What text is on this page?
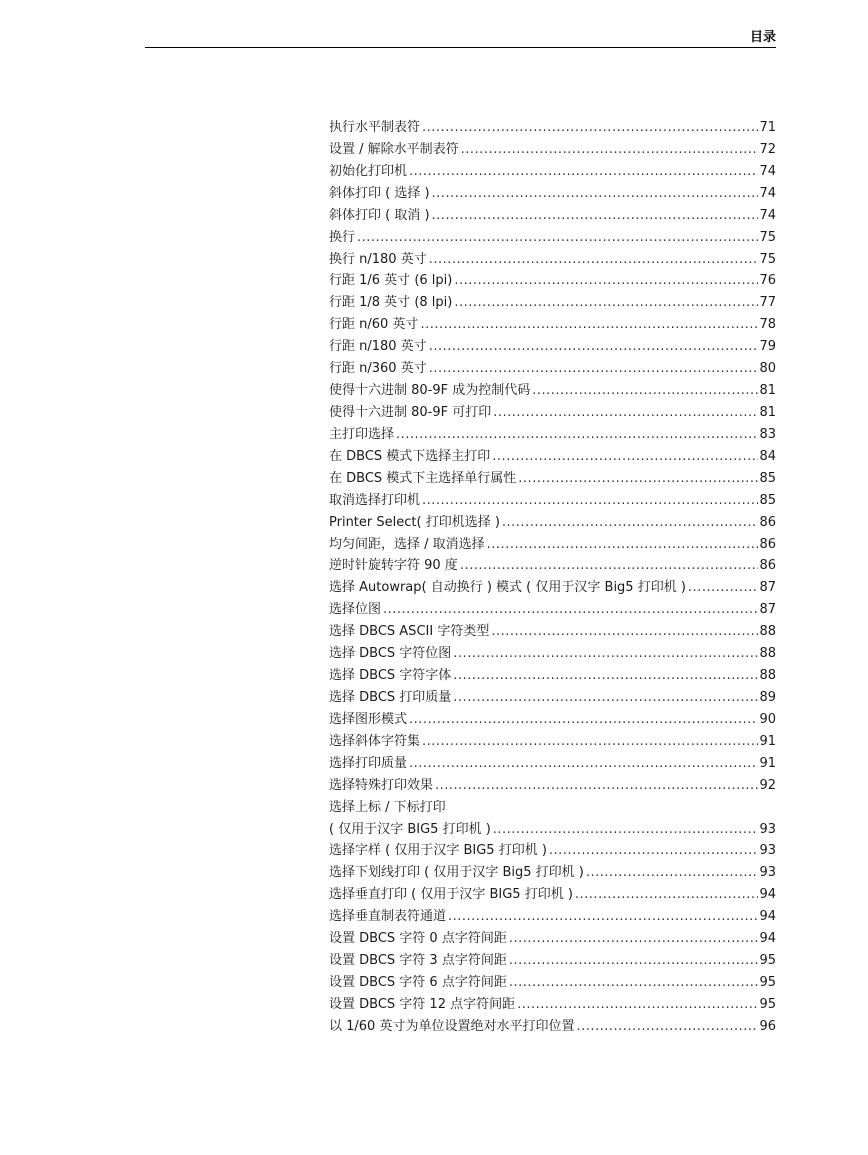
目录
执行水平制表符 .....	71
设置 / 解除水平制表符 .....	72
初始化打印机 .....	74
斜体打印 ( 选择 ) .....	74
斜体打印 ( 取消 ) .....	74
换行 .....	75
换行 n/180 英寸 .....	75
行距 1/6 英寸 (6 lpi) .....	76
行距 1/8 英寸 (8 lpi) .....	77
行距 n/60 英寸 .....	78
行距 n/180 英寸 .....	79
行距 n/360 英寸 .....	80
使得十六进制 80-9F 成为控制代码 .....	81
使得十六进制 80-9F 可打印 .....	81
主打印选择 .....	83
在 DBCS 模式下选择主打印 .....	84
在 DBCS 模式下主选择单行属性 .....	85
取消选择打印机 .....	85
Printer Select( 打印机选择 ) .....	86
均匀间距，选择 / 取消选择 .....	86
逆时针旋转字符 90 度 .....	86
选择 Autowrap( 自动换行 ) 模式 ( 仅用于汉字 Big5 打印机 ) .....	87
选择位图 .....	87
选择 DBCS ASCII 字符类型 .....	88
选择 DBCS 字符位图 .....	88
选择 DBCS 字符字体 .....	88
选择 DBCS 打印质量 .....	89
选择图形模式 .....	90
选择斜体字符集 .....	91
选择打印质量 .....	91
选择特殊打印效果 .....	92
选择上标 / 下标打印
( 仅用于汉字 BIG5 打印机 ) .....	93
选择字样 ( 仅用于汉字 BIG5 打印机 ) .....	93
选择下划线打印 ( 仅用于汉字 Big5 打印机 ) .....	93
选择垂直打印 ( 仅用于汉字 BIG5 打印机 ) .....	94
选择垂直制表符通道 .....	94
设置 DBCS 字符 0 点字符间距 .....	94
设置 DBCS 字符 3 点字符间距 .....	95
设置 DBCS 字符 6 点字符间距 .....	95
设置 DBCS 字符 12 点字符间距 .....	95
以 1/60 英寸为单位设置绝对水平打印位置 .....	96
